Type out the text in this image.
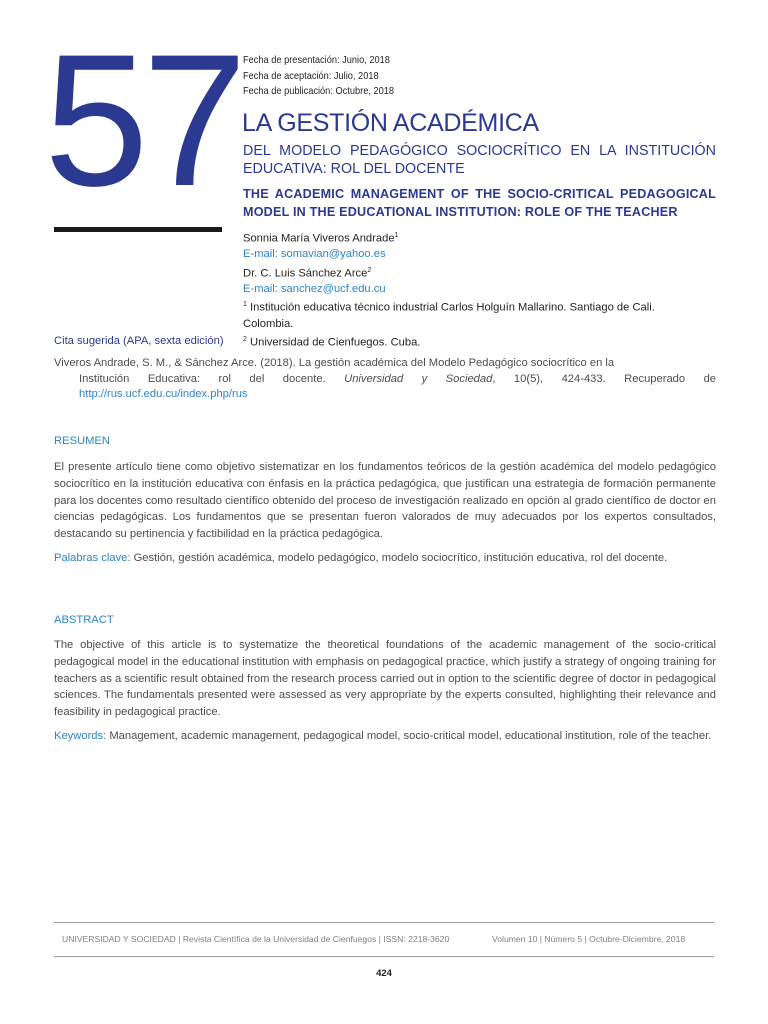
57 Fecha de presentación: Junio, 2018
Fecha de aceptación: Julio, 2018
Fecha de publicación: Octubre, 2018
LA GESTIÓN ACADÉMICA
DEL MODELO PEDAGÓGICO SOCIOCRÍTICO EN LA INSTITUCIÓN EDUCATIVA: ROL DEL DOCENTE
THE ACADEMIC MANAGEMENT OF THE SOCIO-CRITICAL PEDAGOGICAL MODEL IN THE EDUCATIONAL INSTITUTION: ROLE OF THE TEACHER
Sonnia María Viveros Andrade$^1$
E-mail: somavian@yahoo.es
Dr. C. Luis Sánchez Arce$^2$
E-mail: sanchez@ucf.edu.cu
$^1$ Institución educativa técnico industrial Carlos Holguín Mallarino. Santiago de Cali.
Colombia.
$^2$ Universidad de Cienfuegos. Cuba.
Cita sugerida (APA, sexta edición)
Viveros Andrade, S. M., & Sánchez Arce. (2018). La gestión académica del Modelo Pedagógico sociocrítico en la
Institución Educativa: rol del docente. Universidad y Sociedad, 10(5), 424-433. Recuperado de http://rus.ucf.edu.cu/index.php/rus
RESUMEN
El presente artículo tiene como objetivo sistematizar en los fundamentos teóricos de la gestión académica del modelo pedagógico sociocrítico en la institución educativa con énfasis en la práctica pedagógica, que justifican una estrategia de formación permanente para los docentes como resultado científico obtenido del proceso de investigación realizado en opción al grado científico de doctor en ciencias pedagógicas. Los fundamentos que se presentan fueron valorados de muy adecuados por los expertos consultados, destacando su pertinencia y factibilidad en la práctica pedagógica.
Palabras clave: Gestión, gestión académica, modelo pedagógico, modelo sociocrítico, institución educativa, rol del docente.
ABSTRACT
The objective of this article is to systematize the theoretical foundations of the academic management of the socio-critical pedagogical model in the educational institution with emphasis on pedagogical practice, which justify a strategy of ongoing training for teachers as a scientific result obtained from the research process carried out in option to the scientific degree of doctor in pedagogical sciences. The fundamentals presented were assessed as very appropriate by the experts consulted, highlighting their relevance and feasibility in pedagogical practice.
Keywords: Management, academic management, pedagogical model, socio-critical model, educational institution, role of the teacher.
UNIVERSIDAD Y SOCIEDAD | Revista Científica de la Universidad de Cienfuegos | ISSN: 2218-3620	Volumen 10 | Número 5 | Octubre-Diciembre, 2018
424
